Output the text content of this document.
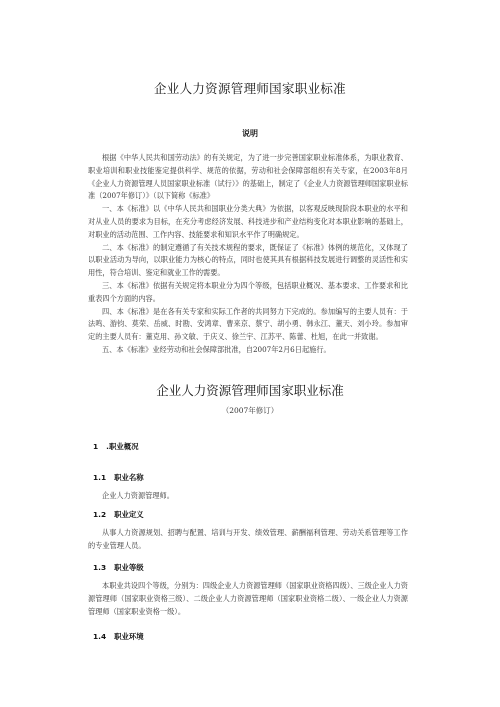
企业人力资源管理师国家职业标准
说明

根据《中华人民共和国劳动法》的有关规定，为了进一步完善国家职业标准体系，为职业教育、职业培训和职业技能鉴定提供科学、规范的依据，劳动和社会保障部组织有关专家，在2003年8月《企业人力资源管理人员国家职业标准（试行）》的基础上，制定了《企业人力资源管理师国家职业标准（2007年修订）》（以下简称《标准》

一、本《标准》以《中华人民共和国职业分类大典》为依据，以客观反映现阶段本职业的水平和对从业人员的要求为目标，在充分考虑经济发展、科技进步和产业结构变化对本职业影响的基础上，对职业的活动范围、工作内容、技能要求和知识水平作了明确规定。

二、本《标准》的制定遵循了有关技术规程的要求，既保证了《标准》体例的规范化，又体现了以职业活动为导向，以职业能力为核心的特点，同时也使其具有根据科技发展进行调整的灵活性和实用性，符合培训、鉴定和就业工作的需要。

三、本《标准》依据有关规定将本职业分为四个等级，包括职业概况、基本要求、工作要求和比重表四个方面的内容。

四、本《标准》是在各有关专家和实际工作者的共同努力下完成的。参加编写的主要人员有：于法鸣、游钧、莫荣、岳威、时勘、安鸿章、曹来京、蔡宁、胡小勇、韩永江、董天、刘小玲。参加审定的主要人员有：董克用、孙文敏、于庆义、徐兰宇、江苏平、陈蕾、杜旭，在此一并致谢。

五、本《标准》业经劳动和社会保障部批准，自2007年2月6日起施行。

企业人力资源管理师国家职业标准
（2007年修订）
1 .职业概况
1.1 职业名称

企业人力资源管理师。

1.2 职业定义

从事人力资源规划、招聘与配置、培训与开发、绩效管理、薪酬福利管理、劳动关系管理等工作的专业管理人员。

1.3 职业等级

本职业共设四个等级，分别为：四级企业人力资源管理师（国家职业资格四级）、三级企业人力资源管理师（国家职业资格三级）、二级企业人力资源管理师（国家职业资格二级）、一级企业人力资源管理师（国家职业资格一级）。

1.4 职业环境
